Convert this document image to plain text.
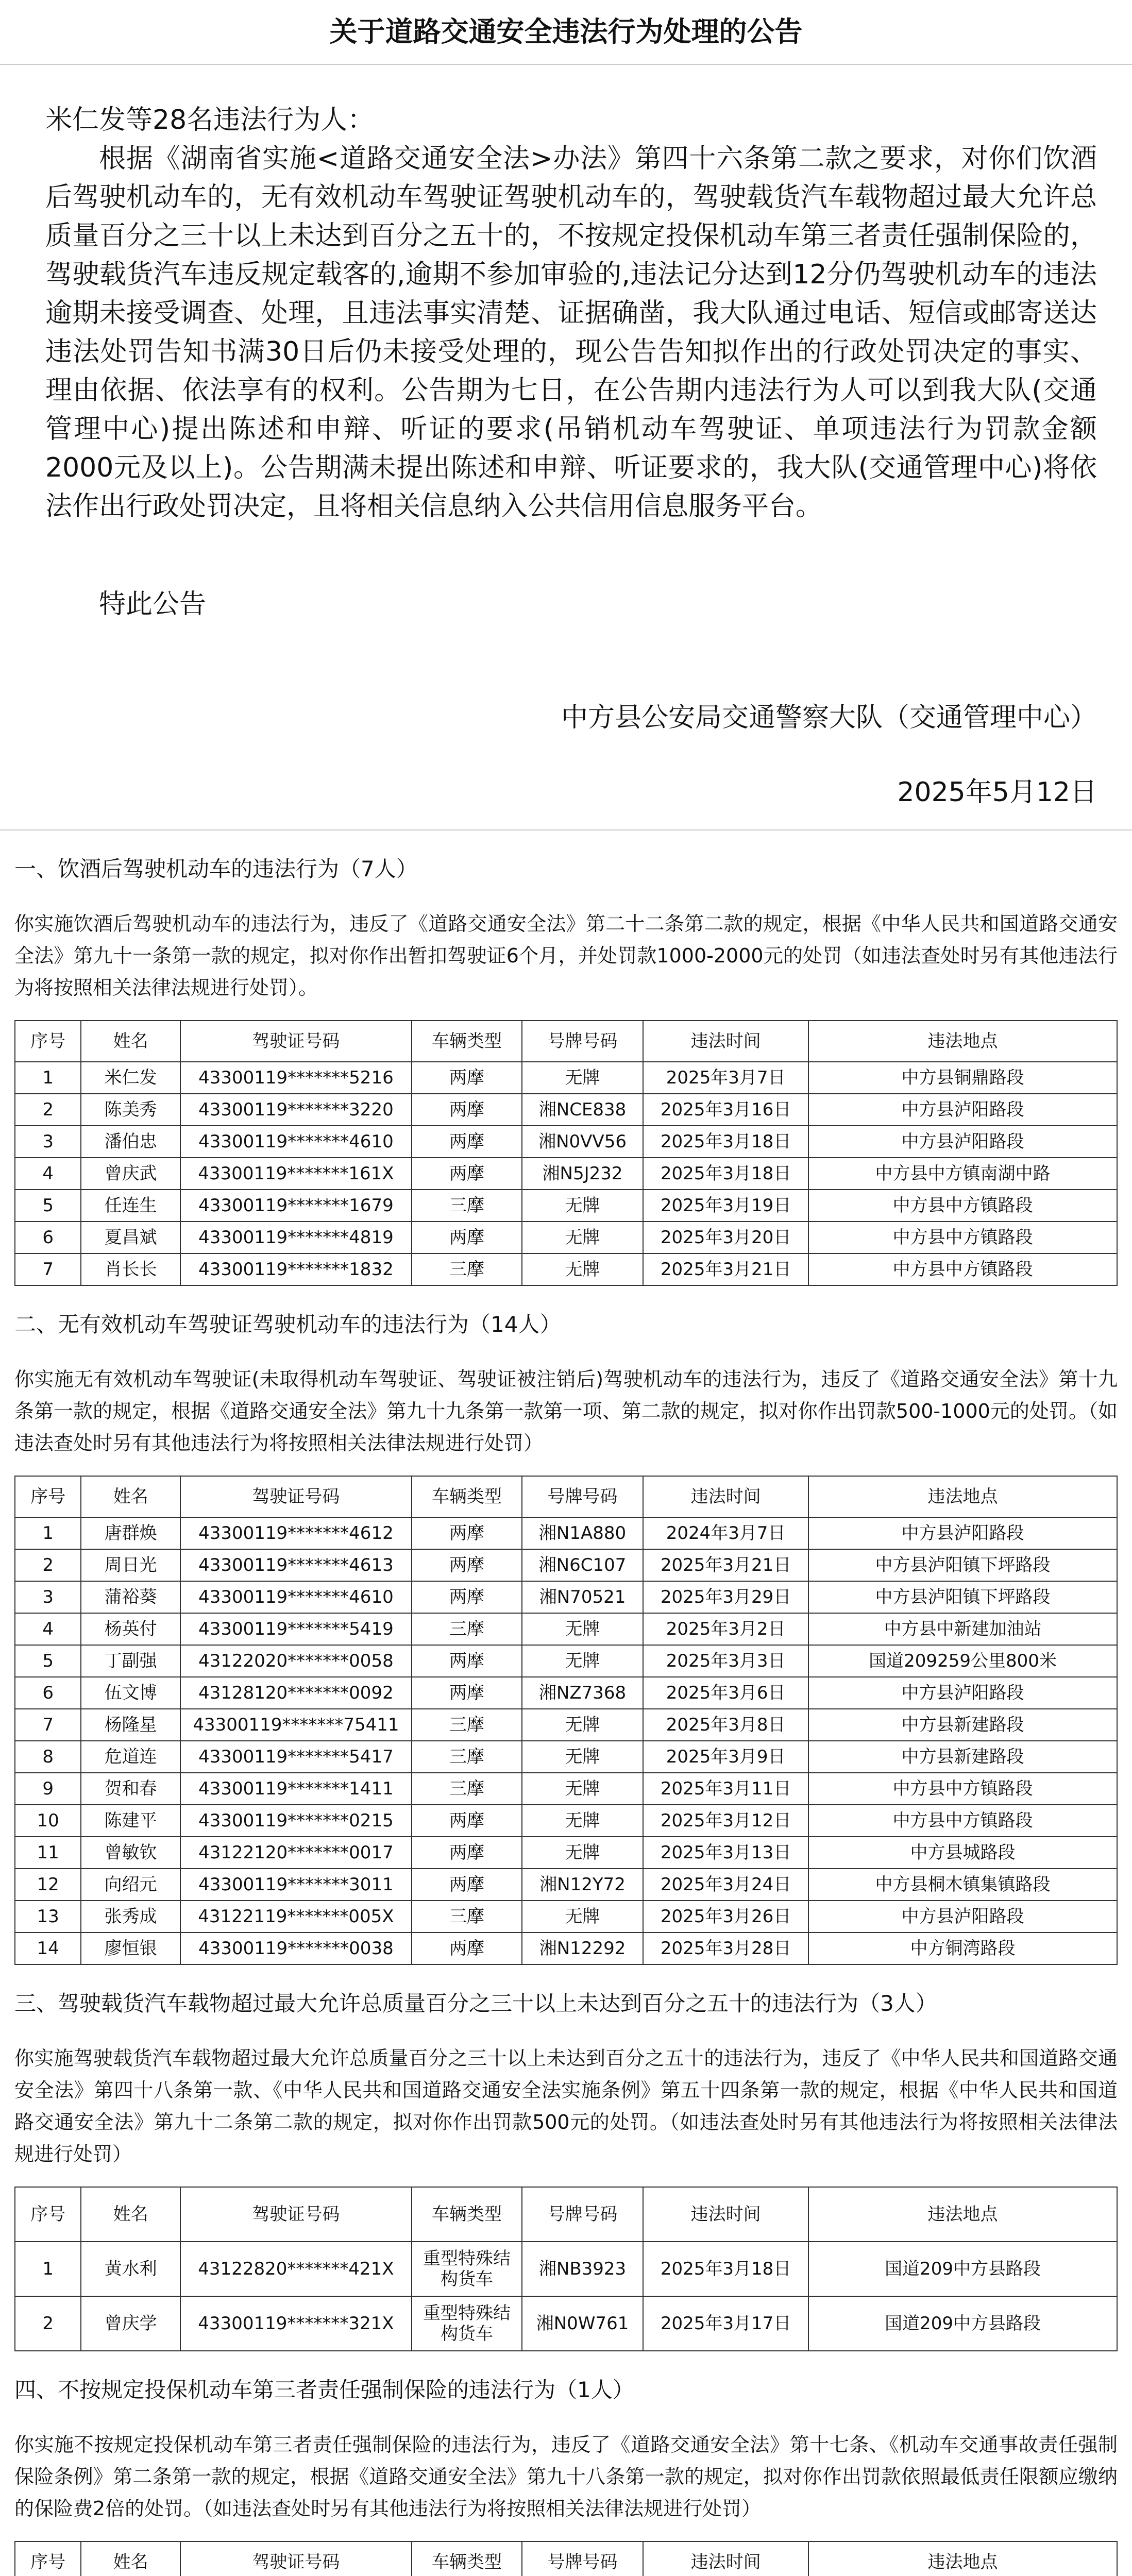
关于道路交通安全违法行为处理的公告

米仁发等28名违法行为人：

根据《湖南省实施<道路交通安全法>办法》第四十六条第二款之要求，对你们饮酒后驾驶机动车的，无有效机动车驾驶证驾驶机动车的，驾驶载货汽车载物超过最大允许总质量百分之三十以上未达到百分之五十的，不按规定投保机动车第三者责任强制保险的，驾驶载货汽车违反规定载客的,逾期不参加审验的,违法记分达到12分仍驾驶机动车的违法逾期未接受调查、处理，且违法事实清楚、证据确凿，我大队通过电话、短信或邮寄送达违法处罚告知书满30日后仍未接受处理的，现公告告知拟作出的行政处罚决定的事实、理由依据、依法享有的权利。公告期为七日，在公告期内违法行为人可以到我大队(交通管理中心)提出陈述和申辩、听证的要求(吊销机动车驾驶证、单项违法行为罚款金额2000元及以上)。公告期满未提出陈述和申辩、听证要求的，我大队(交通管理中心)将依法作出行政处罚决定，且将相关信息纳入公共信用信息服务平台。

特此公告

中方县公安局交通警察大队（交通管理中心）
2025年5月12日

一、饮酒后驾驶机动车的违法行为（7人）

你实施饮酒后驾驶机动车的违法行为，违反了《道路交通安全法》第二十二条第二款的规定，根据《中华人民共和国道路交通安全法》第九十一条第一款的规定，拟对你作出暂扣驾驶证6个月，并处罚款1000-2000元的处罚（如违法查处时另有其他违法行为将按照相关法律法规进行处罚）。

序号	姓名	驾驶证号码	车辆类型	号牌号码	违法时间	违法地点
1	米仁发	43300119*******5216	两摩	无牌	2025年3月7日	中方县铜鼎路段
2	陈美秀	43300119*******3220	两摩	湘NCE838	2025年3月16日	中方县泸阳路段
3	潘伯忠	43300119*******4610	两摩	湘N0VV56	2025年3月18日	中方县泸阳路段
4	曾庆武	43300119*******161X	两摩	湘N5J232	2025年3月18日	中方县中方镇南湖中路
5	任连生	43300119*******1679	三摩	无牌	2025年3月19日	中方县中方镇路段
6	夏昌斌	43300119*******4819	两摩	无牌	2025年3月20日	中方县中方镇路段
7	肖长长	43300119*******1832	三摩	无牌	2025年3月21日	中方县中方镇路段

二、无有效机动车驾驶证驾驶机动车的违法行为（14人）

你实施无有效机动车驾驶证(未取得机动车驾驶证、驾驶证被注销后)驾驶机动车的违法行为，违反了《道路交通安全法》第十九条第一款的规定，根据《道路交通安全法》第九十九条第一款第一项、第二款的规定，拟对你作出罚款500-1000元的处罚。（如违法查处时另有其他违法行为将按照相关法律法规进行处罚）

序号	姓名	驾驶证号码	车辆类型	号牌号码	违法时间	违法地点
1	唐群焕	43300119*******4612	两摩	湘N1A880	2024年3月7日	中方县泸阳路段
2	周日光	43300119*******4613	两摩	湘N6C107	2025年3月21日	中方县泸阳镇下坪路段
3	蒲裕葵	43300119*******4610	两摩	湘N70521	2025年3月29日	中方县泸阳镇下坪路段
4	杨英付	43300119*******5419	三摩	无牌	2025年3月2日	中方县中新建加油站
5	丁副强	43122020*******0058	两摩	无牌	2025年3月3日	国道209259公里800米
6	伍文博	43128120*******0092	两摩	湘NZ7368	2025年3月6日	中方县泸阳路段
7	杨隆星	43300119*******75411	三摩	无牌	2025年3月8日	中方县新建路段
8	危道连	43300119*******5417	三摩	无牌	2025年3月9日	中方县新建路段
9	贺和春	43300119*******1411	三摩	无牌	2025年3月11日	中方县中方镇路段
10	陈建平	43300119*******0215	两摩	无牌	2025年3月12日	中方县中方镇路段
11	曾敏钦	43122120*******0017	两摩	无牌	2025年3月13日	中方县城路段
12	向绍元	43300119*******3011	两摩	湘N12Y72	2025年3月24日	中方县桐木镇集镇路段
13	张秀成	43122119*******005X	三摩	无牌	2025年3月26日	中方县泸阳路段
14	廖恒银	43300119*******0038	两摩	湘N12292	2025年3月28日	中方铜湾路段

三、驾驶载货汽车载物超过最大允许总质量百分之三十以上未达到百分之五十的违法行为（3人）

你实施驾驶载货汽车载物超过最大允许总质量百分之三十以上未达到百分之五十的违法行为，违反了《中华人民共和国道路交通安全法》第四十八条第一款、《中华人民共和国道路交通安全法实施条例》第五十四条第一款的规定，根据《中华人民共和国道路交通安全法》第九十二条第二款的规定，拟对你作出罚款500元的处罚。（如违法查处时另有其他违法行为将按照相关法律法规进行处罚）

序号	姓名	驾驶证号码	车辆类型	号牌号码	违法时间	违法地点
1	黄水利	43122820*******421X	重型特殊结构货车	湘NB3923	2025年3月18日	国道209中方县路段
2	曾庆学	43300119*******321X	重型特殊结构货车	湘N0W761	2025年3月17日	国道209中方县路段

四、不按规定投保机动车第三者责任强制保险的违法行为（1人）

你实施不按规定投保机动车第三者责任强制保险的违法行为，违反了《道路交通安全法》第十七条、《机动车交通事故责任强制保险条例》第二条第一款的规定，根据《道路交通安全法》第九十八条第一款的规定，拟对你作出罚款依照最低责任限额应缴纳的保险费2倍的处罚。（如违法查处时另有其他违法行为将按照相关法律法规进行处罚）

序号	姓名	驾驶证号码	车辆类型	号牌号码	违法时间	违法地点
